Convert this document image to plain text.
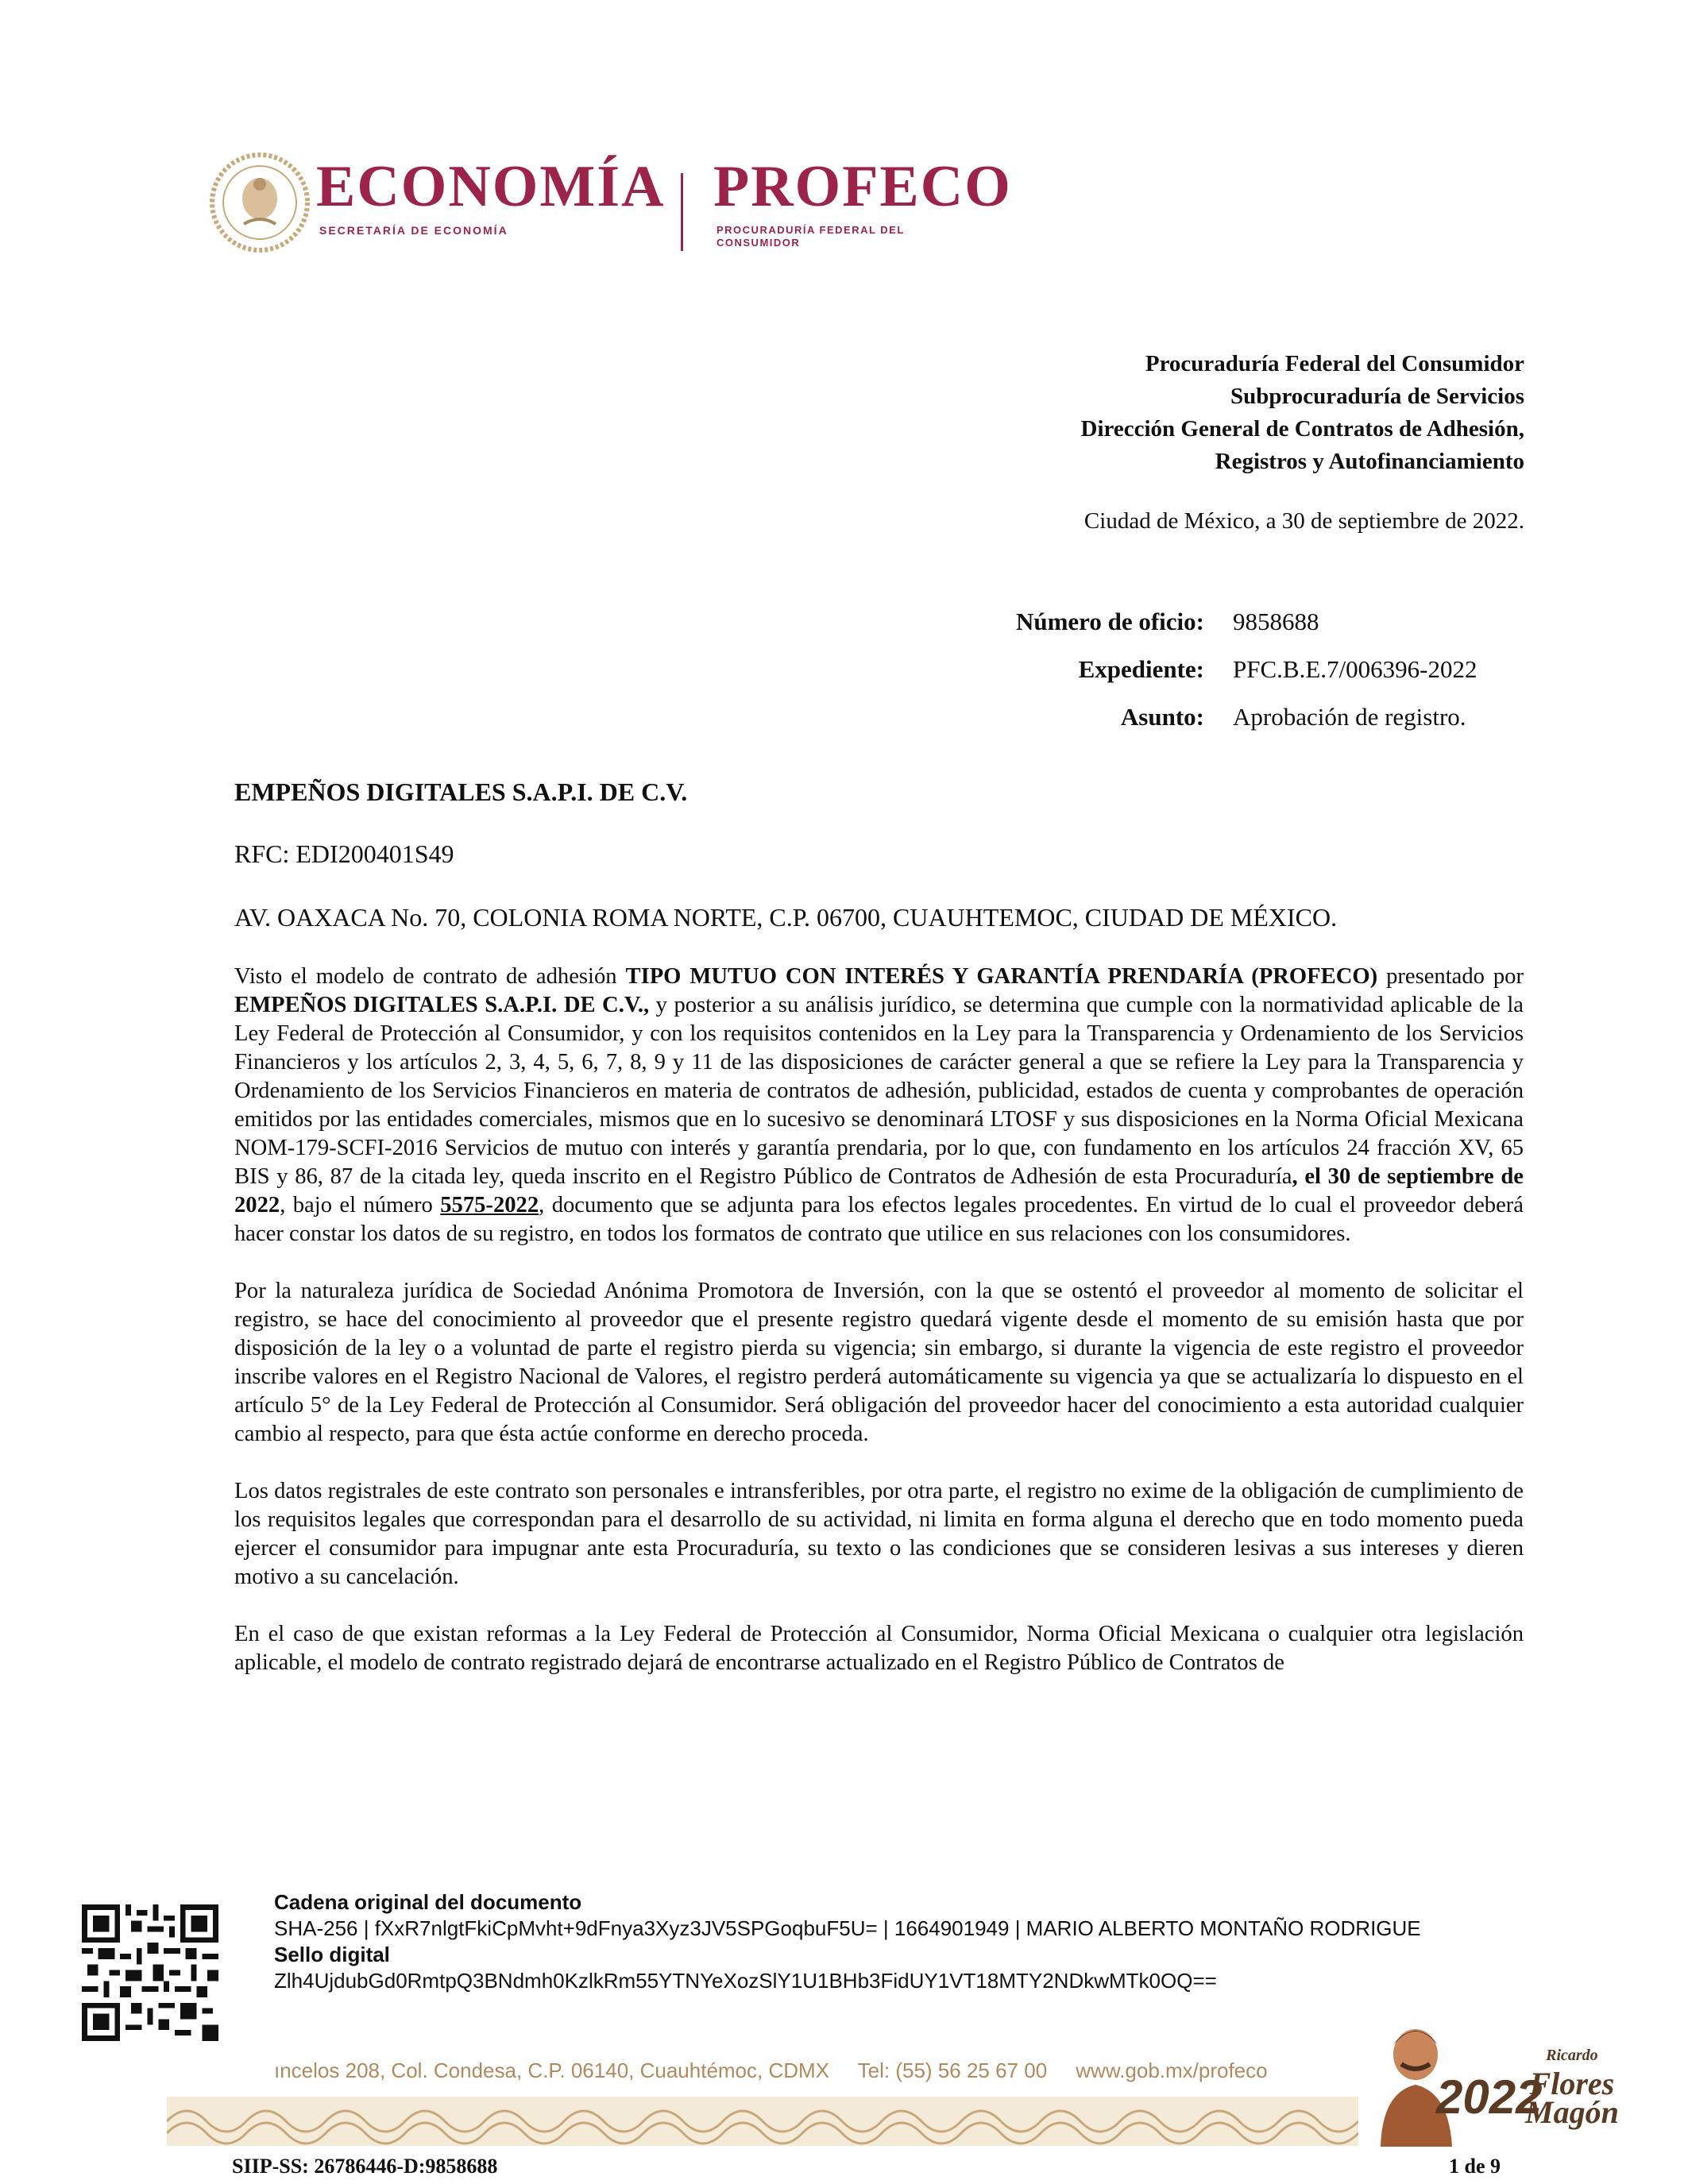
ECONOMÍA
SECRETARÍA DE ECONOMÍA
PROFECO
PROCURADURÍA FEDERAL DEL CONSUMIDOR
Procuraduría Federal del Consumidor
Subprocuraduría de Servicios
Dirección General de Contratos de Adhesión,
Registros y Autofinanciamiento
Ciudad de México, a 30 de septiembre de 2022.
Número de oficio:	9858688
Expediente:	PFC.B.E.7/006396-2022
Asunto:	Aprobación de registro.
EMPEÑOS DIGITALES S.A.P.I. DE C.V.
RFC: EDI200401S49
AV. OAXACA No. 70, COLONIA ROMA NORTE, C.P. 06700, CUAUHTEMOC, CIUDAD DE MÉXICO.

Visto el modelo de contrato de adhesión TIPO MUTUO CON INTERÉS Y GARANTÍA PRENDARÍA (PROFECO) presentado por EMPEÑOS DIGITALES S.A.P.I. DE C.V., y posterior a su análisis jurídico, se determina que cumple con la normatividad aplicable de la Ley Federal de Protección al Consumidor, y con los requisitos contenidos en la Ley para la Transparencia y Ordenamiento de los Servicios Financieros y los artículos 2, 3, 4, 5, 6, 7, 8, 9 y 11 de las disposiciones de carácter general a que se refiere la Ley para la Transparencia y Ordenamiento de los Servicios Financieros en materia de contratos de adhesión, publicidad, estados de cuenta y comprobantes de operación emitidos por las entidades comerciales, mismos que en lo sucesivo se denominará LTOSF y sus disposiciones en la Norma Oficial Mexicana NOM-179-SCFI-2016 Servicios de mutuo con interés y garantía prendaria, por lo que, con fundamento en los artículos 24 fracción XV, 65 BIS y 86, 87 de la citada ley, queda inscrito en el Registro Público de Contratos de Adhesión de esta Procuraduría, el 30 de septiembre de 2022, bajo el número 5575-2022, documento que se adjunta para los efectos legales procedentes. En virtud de lo cual el proveedor deberá hacer constar los datos de su registro, en todos los formatos de contrato que utilice en sus relaciones con los consumidores.

Por la naturaleza jurídica de Sociedad Anónima Promotora de Inversión, con la que se ostentó el proveedor al momento de solicitar el registro, se hace del conocimiento al proveedor que el presente registro quedará vigente desde el momento de su emisión hasta que por disposición de la ley o a voluntad de parte el registro pierda su vigencia; sin embargo, si durante la vigencia de este registro el proveedor inscribe valores en el Registro Nacional de Valores, el registro perderá automáticamente su vigencia ya que se actualizaría lo dispuesto en el artículo 5° de la Ley Federal de Protección al Consumidor. Será obligación del proveedor hacer del conocimiento a esta autoridad cualquier cambio al respecto, para que ésta actúe conforme en derecho proceda.

Los datos registrales de este contrato son personales e intransferibles, por otra parte, el registro no exime de la obligación de cumplimiento de los requisitos legales que correspondan para el desarrollo de su actividad, ni limita en forma alguna el derecho que en todo momento pueda ejercer el consumidor para impugnar ante esta Procuraduría, su texto o las condiciones que se consideren lesivas a sus intereses y dieren motivo a su cancelación.

En el caso de que existan reformas a la Ley Federal de Protección al Consumidor, Norma Oficial Mexicana o cualquier otra legislación aplicable, el modelo de contrato registrado dejará de encontrarse actualizado en el Registro Público de Contratos de

Cadena original del documento
SHA-256 | fXxR7nlgtFkiCpMvht+9dFnya3Xyz3JV5SPGoqbuF5U= | 1664901949 | MARIO ALBERTO MONTAÑO RODRIGUE
Sello digital
Zlh4UjdubGd0RmtpQ3BNdmh0KzlkRm55YTNYeXozSlY1U1BHb3FidUY1VT18MTY2NDkwMTk0OQ==
ıncelos 208, Col. Condesa, C.P. 06140, Cuauhtémoc, CDMX     Tel: (55) 56 25 67 00     www.gob.mx/profeco	2022
Ricardo
Flores
Magón
SIIP-SS: 26786446-D:9858688	1 de 9
